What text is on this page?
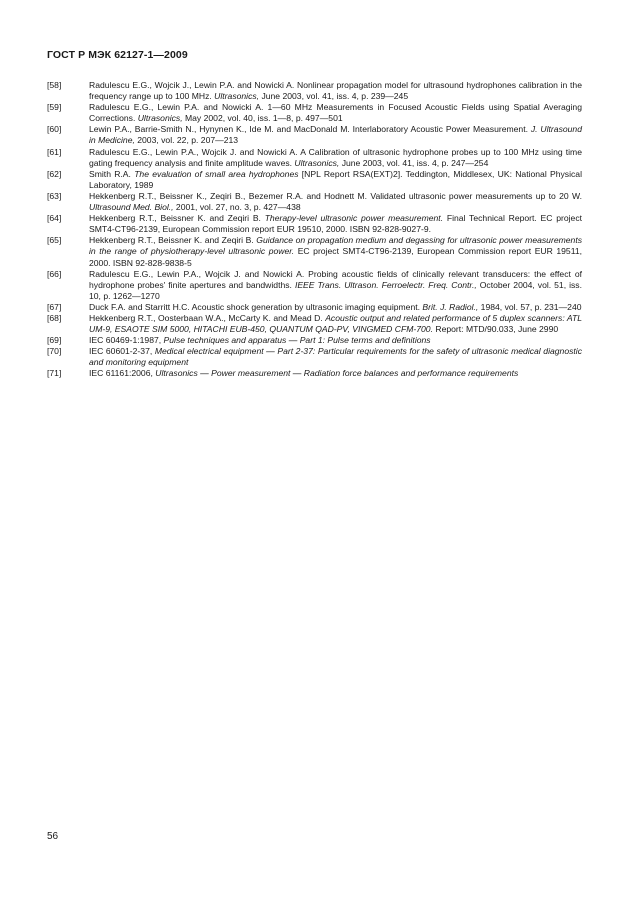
ГОСТ Р МЭК 62127-1—2009
[58]	Radulescu E.G., Wojcik J., Lewin P.A. and Nowicki A. Nonlinear propagation model for ultrasound hydrophones calibration in the frequency range up to 100 MHz. Ultrasonics, June 2003, vol. 41, iss. 4, p. 239—245
[59]	Radulescu E.G., Lewin P.A. and Nowicki A. 1—60 MHz Measurements in Focused Acoustic Fields using Spatial Averaging Corrections. Ultrasonics, May 2002, vol. 40, iss. 1—8, p. 497—501
[60]	Lewin P.A., Barrie-Smith N., Hynynen K., Ide M. and MacDonald M. Interlaboratory Acoustic Power Measurement. J. Ultrasound in Medicine, 2003, vol. 22, p. 207—213
[61]	Radulescu E.G., Lewin P.A., Wojcik J. and Nowicki A. A Calibration of ultrasonic hydrophone probes up to 100 MHz using time gating frequency analysis and finite amplitude waves. Ultrasonics, June 2003, vol. 41, iss. 4, p. 247—254
[62]	Smith R.A. The evaluation of small area hydrophones [NPL Report RSA(EXT)2]. Teddington, Middlesex, UK: National Physical Laboratory, 1989
[63]	Hekkenberg R.T., Beissner K., Zeqiri B., Bezemer R.A. and Hodnett M. Validated ultrasonic power measurements up to 20 W. Ultrasound Med. Biol., 2001, vol. 27, no. 3, p. 427—438
[64]	Hekkenberg R.T., Beissner K. and Zeqiri B. Therapy-level ultrasonic power measurement. Final Technical Report. EC project SMT4-CT96-2139, European Commission report EUR 19510, 2000. ISBN 92-828-9027-9.
[65]	Hekkenberg R.T., Beissner K. and Zeqiri B. Guidance on propagation medium and degassing for ultrasonic power measurements in the range of physiotherapy-level ultrasonic power. EC project SMT4-CT96-2139, European Commission report EUR 19511, 2000. ISBN 92-828-9838-5
[66]	Radulescu E.G., Lewin P.A., Wojcik J. and Nowicki A. Probing acoustic fields of clinically relevant transducers: the effect of hydrophone probes' finite apertures and bandwidths. IEEE Trans. Ultrason. Ferroelectr. Freq. Contr., October 2004, vol. 51, iss. 10, p. 1262—1270
[67]	Duck F.A. and Starritt H.C. Acoustic shock generation by ultrasonic imaging equipment. Brit. J. Radiol., 1984, vol. 57, p. 231—240
[68]	Hekkenberg R.T., Oosterbaan W.A., McCarty K. and Mead D. Acoustic output and related performance of 5 duplex scanners: ATL UM-9, ESAOTE SIM 5000, HITACHI EUB-450, QUANTUM QAD-PV, VINGMED CFM-700. Report: MTD/90.033, June 2990
[69]	IEC 60469-1:1987, Pulse techniques and apparatus — Part 1: Pulse terms and definitions
[70]	IEC 60601-2-37, Medical electrical equipment — Part 2-37: Particular requirements for the safety of ultrasonic medical diagnostic and monitoring equipment
[71]	IEC 61161:2006, Ultrasonics — Power measurement — Radiation force balances and performance requirements
56
